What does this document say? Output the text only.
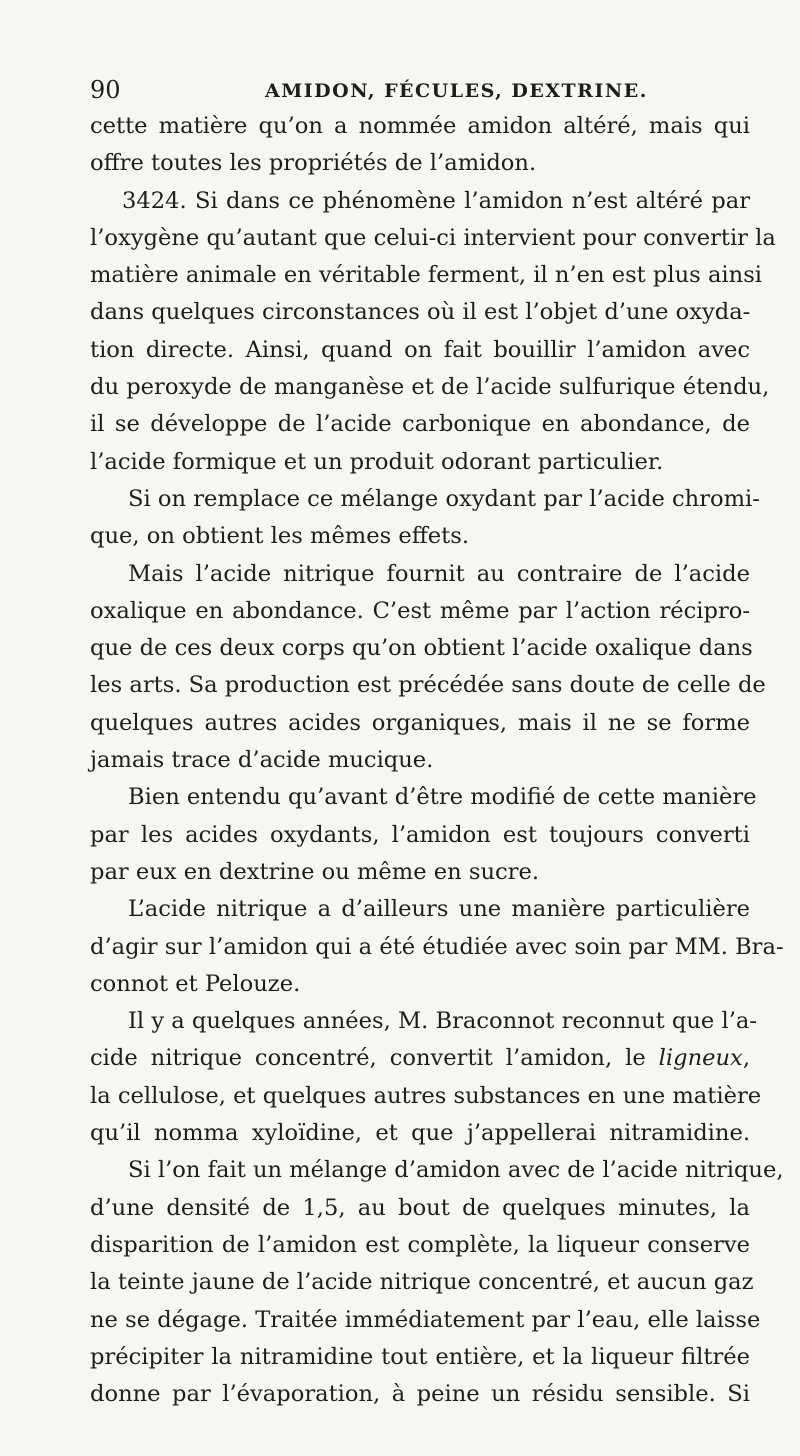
90	AMIDON, FÉCULES, DEXTRINE.
cette matière qu’on a nommée amidon altéré, mais qui
offre toutes les propriétés de l’amidon.
3424. Si dans ce phénomène l’amidon n’est altéré par
l’oxygène qu’autant que celui-ci intervient pour convertir la
matière animale en véritable ferment, il n’en est plus ainsi
dans quelques circonstances où il est l’objet d’une oxyda-
tion directe. Ainsi, quand on fait bouillir l’amidon avec
du peroxyde de manganèse et de l’acide sulfurique étendu,
il se développe de l’acide carbonique en abondance, de
l’acide formique et un produit odorant particulier.
Si on remplace ce mélange oxydant par l’acide chromi-
que, on obtient les mêmes effets.
Mais l’acide nitrique fournit au contraire de l’acide
oxalique en abondance. C’est même par l’action récipro-
que de ces deux corps qu’on obtient l’acide oxalique dans
les arts. Sa production est précédée sans doute de celle de
quelques autres acides organiques, mais il ne se forme
jamais trace d’acide mucique.
Bien entendu qu’avant d’être modifié de cette manière
par les acides oxydants, l’amidon est toujours converti
par eux en dextrine ou même en sucre.
L’acide nitrique a d’ailleurs une manière particulière
d’agir sur l’amidon qui a été étudiée avec soin par MM. Bra-
connot et Pelouze.
Il y a quelques années, M. Braconnot reconnut que l’a-
cide nitrique concentré, convertit l’amidon, le ligneux,
la cellulose, et quelques autres substances en une matière
qu’il nomma xyloïdine, et que j’appellerai nitramidine.
Si l’on fait un mélange d’amidon avec de l’acide nitrique,
d’une densité de 1,5, au bout de quelques minutes, la
disparition de l’amidon est complète, la liqueur conserve
la teinte jaune de l’acide nitrique concentré, et aucun gaz
ne se dégage. Traitée immédiatement par l’eau, elle laisse
précipiter la nitramidine tout entière, et la liqueur filtrée
donne par l’évaporation, à peine un résidu sensible. Si
